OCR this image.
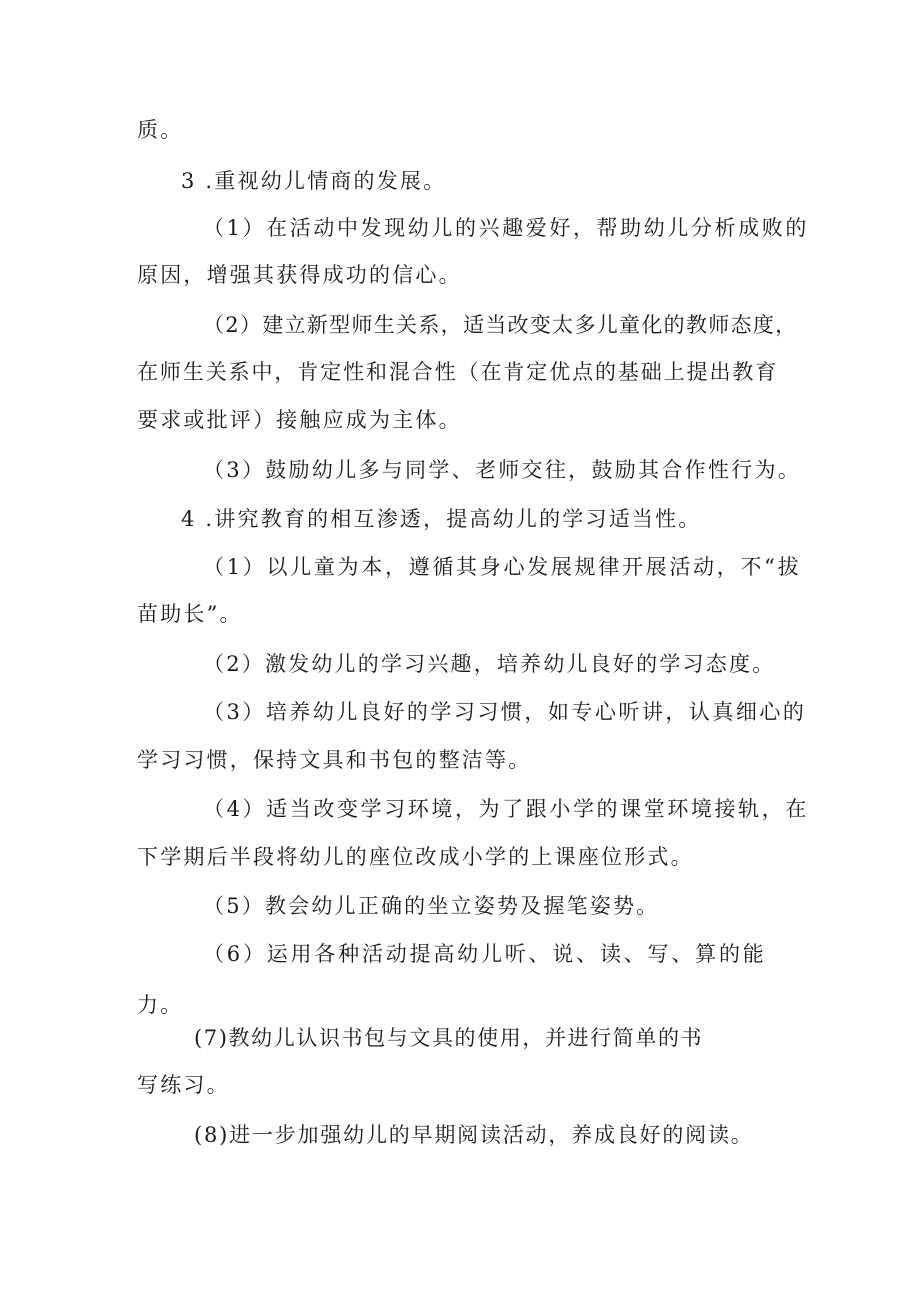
质。
3 .重视幼儿情商的发展。
（1）在活动中发现幼儿的兴趣爱好，帮助幼儿分析成败的
原因，增强其获得成功的信心。
（2）建立新型师生关系，适当改变太多儿童化的教师态度，
在师生关系中，肯定性和混合性（在肯定优点的基础上提出教育
要求或批评）接触应成为主体。
（3）鼓励幼儿多与同学、老师交往，鼓励其合作性行为。
4 .讲究教育的相互渗透，提高幼儿的学习适当性。
（1）以儿童为本，遵循其身心发展规律开展活动，不“拔
苗助长”。
（2）激发幼儿的学习兴趣，培养幼儿良好的学习态度。
（3）培养幼儿良好的学习习惯，如专心听讲，认真细心的
学习习惯，保持文具和书包的整洁等。
（4）适当改变学习环境，为了跟小学的课堂环境接轨，在
下学期后半段将幼儿的座位改成小学的上课座位形式。
（5）教会幼儿正确的坐立姿势及握笔姿势。
（6）运用各种活动提高幼儿听、说、读、写、算的能
力。
(7)教幼儿认识书包与文具的使用，并进行简单的书
写练习。
(8)进一步加强幼儿的早期阅读活动，养成良好的阅读。
